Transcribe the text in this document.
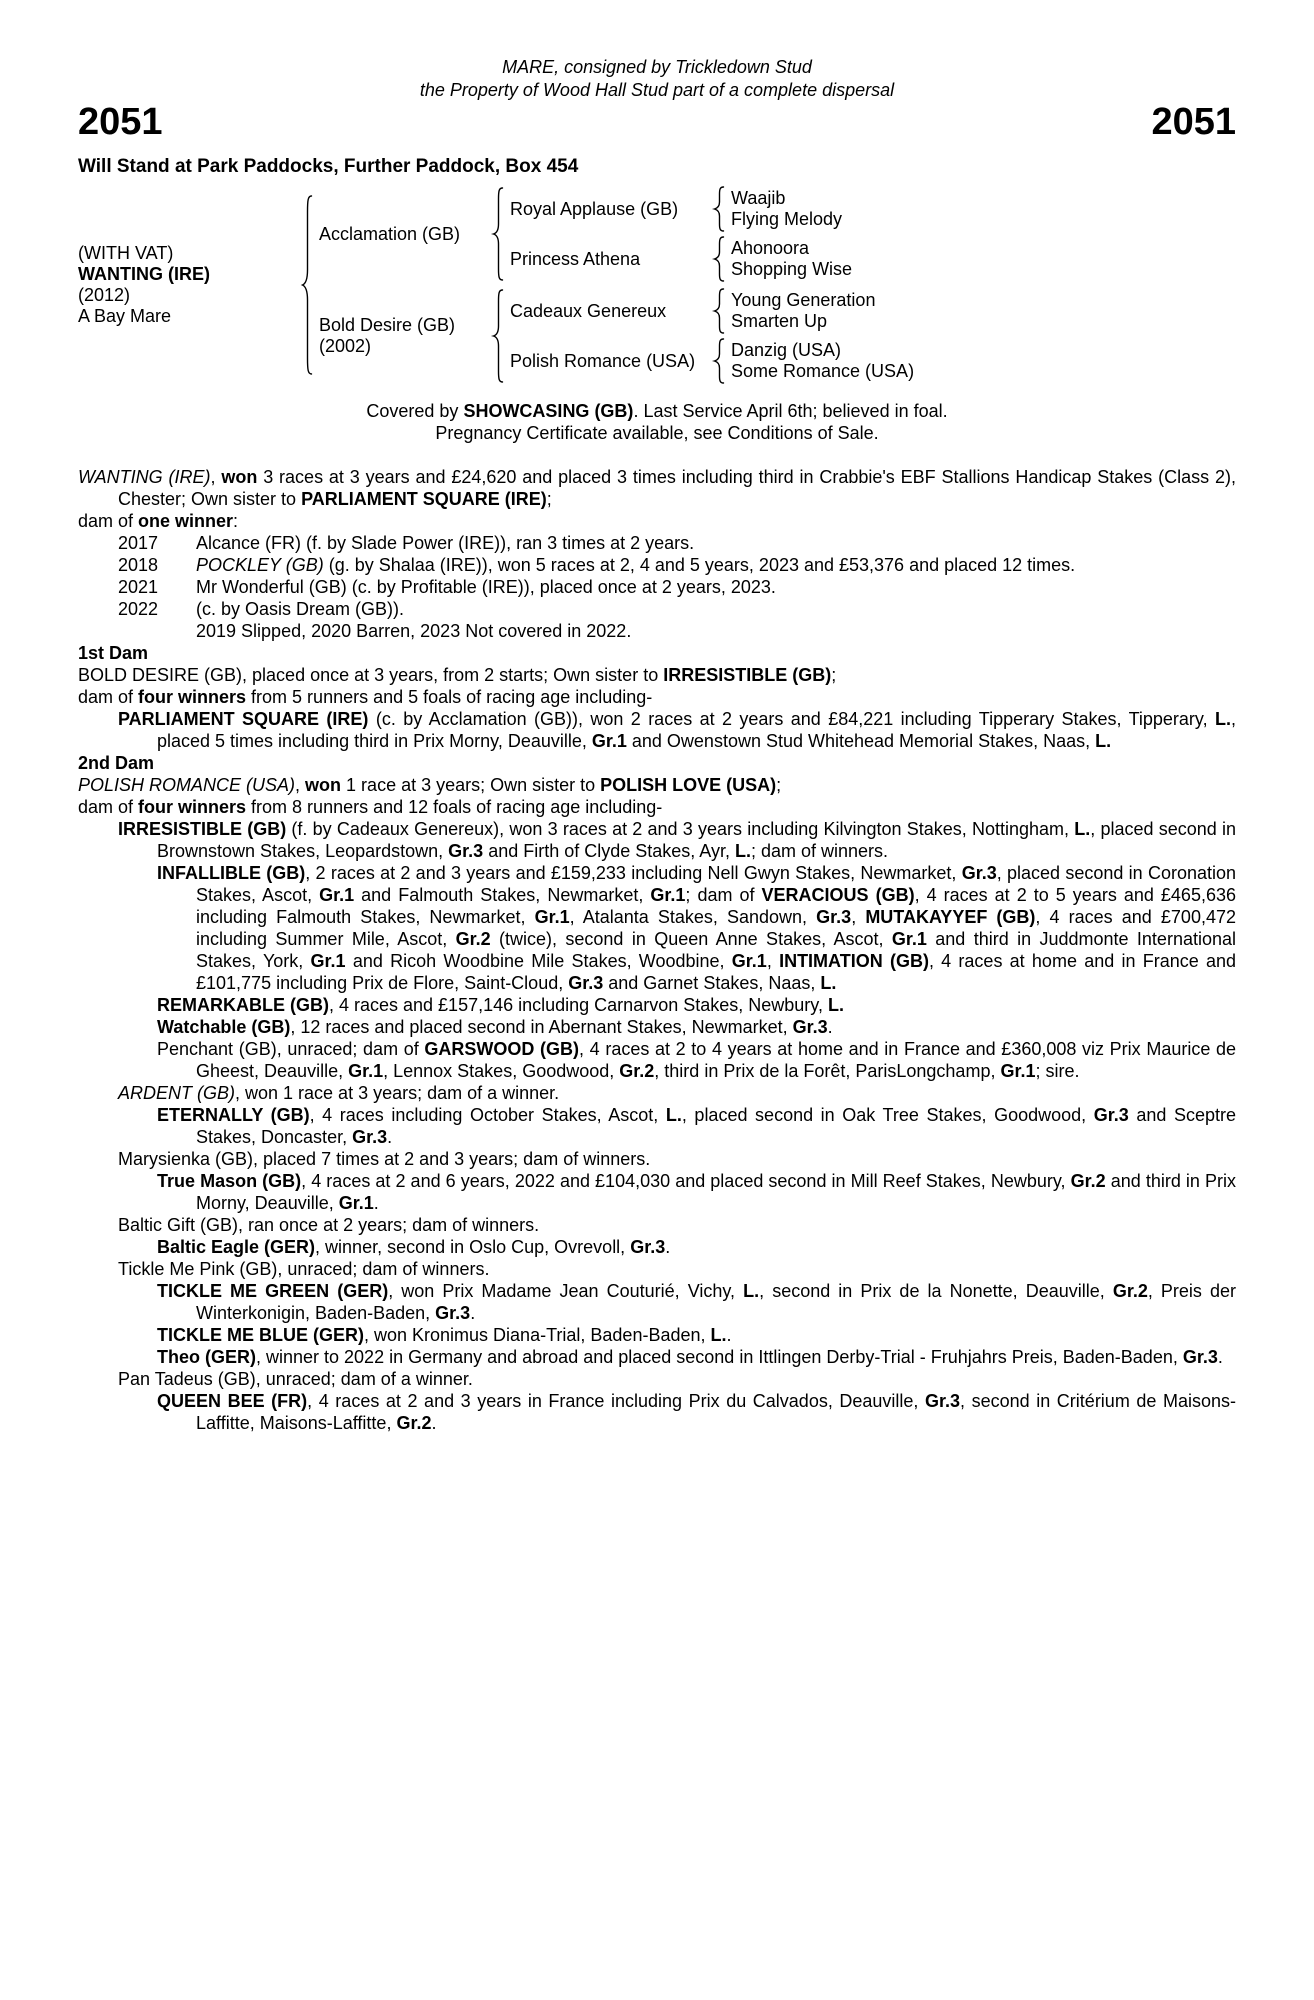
MARE, consigned by Trickledown Stud
the Property of Wood Hall Stud part of a complete dispersal
2051	2051
Will Stand at Park Paddocks, Further Paddock, Box 454
(WITH VAT)
WANTING (IRE)
(2012)
A Bay Mare
Acclamation (GB)
Royal Applause (GB)
Waajib
Flying Melody
Princess Athena
Ahonoora
Shopping Wise
Bold Desire (GB)
(2002)
Cadeaux Genereux
Young Generation
Smarten Up
Polish Romance (USA)
Danzig (USA)
Some Romance (USA)
Covered by SHOWCASING (GB). Last Service April 6th; believed in foal.
Pregnancy Certificate available, see Conditions of Sale.
WANTING (IRE), won 3 races at 3 years and £24,620 and placed 3 times including third in Crabbie's EBF Stallions Handicap Stakes (Class 2), Chester; Own sister to PARLIAMENT SQUARE (IRE);
dam of one winner:
2017	Alcance (FR) (f. by Slade Power (IRE)), ran 3 times at 2 years.
2018	POCKLEY (GB) (g. by Shalaa (IRE)), won 5 races at 2, 4 and 5 years, 2023 and £53,376 and placed 12 times.
2021	Mr Wonderful (GB) (c. by Profitable (IRE)), placed once at 2 years, 2023.
2022	(c. by Oasis Dream (GB)).
2019 Slipped, 2020 Barren, 2023 Not covered in 2022.
1st Dam
BOLD DESIRE (GB), placed once at 3 years, from 2 starts; Own sister to IRRESISTIBLE (GB);
dam of four winners from 5 runners and 5 foals of racing age including-
PARLIAMENT SQUARE (IRE) (c. by Acclamation (GB)), won 2 races at 2 years and £84,221 including Tipperary Stakes, Tipperary, L., placed 5 times including third in Prix Morny, Deauville, Gr.1 and Owenstown Stud Whitehead Memorial Stakes, Naas, L.
2nd Dam
POLISH ROMANCE (USA), won 1 race at 3 years; Own sister to POLISH LOVE (USA);
dam of four winners from 8 runners and 12 foals of racing age including-
IRRESISTIBLE (GB) (f. by Cadeaux Genereux), won 3 races at 2 and 3 years including Kilvington Stakes, Nottingham, L., placed second in Brownstown Stakes, Leopardstown, Gr.3 and Firth of Clyde Stakes, Ayr, L.; dam of winners.
INFALLIBLE (GB), 2 races at 2 and 3 years and £159,233 including Nell Gwyn Stakes, Newmarket, Gr.3, placed second in Coronation Stakes, Ascot, Gr.1 and Falmouth Stakes, Newmarket, Gr.1; dam of VERACIOUS (GB), 4 races at 2 to 5 years and £465,636 including Falmouth Stakes, Newmarket, Gr.1, Atalanta Stakes, Sandown, Gr.3, MUTAKAYYEF (GB), 4 races and £700,472 including Summer Mile, Ascot, Gr.2 (twice), second in Queen Anne Stakes, Ascot, Gr.1 and third in Juddmonte International Stakes, York, Gr.1 and Ricoh Woodbine Mile Stakes, Woodbine, Gr.1, INTIMATION (GB), 4 races at home and in France and £101,775 including Prix de Flore, Saint-Cloud, Gr.3 and Garnet Stakes, Naas, L.
REMARKABLE (GB), 4 races and £157,146 including Carnarvon Stakes, Newbury, L.
Watchable (GB), 12 races and placed second in Abernant Stakes, Newmarket, Gr.3.
Penchant (GB), unraced; dam of GARSWOOD (GB), 4 races at 2 to 4 years at home and in France and £360,008 viz Prix Maurice de Gheest, Deauville, Gr.1, Lennox Stakes, Goodwood, Gr.2, third in Prix de la Forêt, ParisLongchamp, Gr.1; sire.
ARDENT (GB), won 1 race at 3 years; dam of a winner.
ETERNALLY (GB), 4 races including October Stakes, Ascot, L., placed second in Oak Tree Stakes, Goodwood, Gr.3 and Sceptre Stakes, Doncaster, Gr.3.
Marysienka (GB), placed 7 times at 2 and 3 years; dam of winners.
True Mason (GB), 4 races at 2 and 6 years, 2022 and £104,030 and placed second in Mill Reef Stakes, Newbury, Gr.2 and third in Prix Morny, Deauville, Gr.1.
Baltic Gift (GB), ran once at 2 years; dam of winners.
Baltic Eagle (GER), winner, second in Oslo Cup, Ovrevoll, Gr.3.
Tickle Me Pink (GB), unraced; dam of winners.
TICKLE ME GREEN (GER), won Prix Madame Jean Couturié, Vichy, L., second in Prix de la Nonette, Deauville, Gr.2, Preis der Winterkonigin, Baden-Baden, Gr.3.
TICKLE ME BLUE (GER), won Kronimus Diana-Trial, Baden-Baden, L..
Theo (GER), winner to 2022 in Germany and abroad and placed second in Ittlingen Derby-Trial - Fruhjahrs Preis, Baden-Baden, Gr.3.
Pan Tadeus (GB), unraced; dam of a winner.
QUEEN BEE (FR), 4 races at 2 and 3 years in France including Prix du Calvados, Deauville, Gr.3, second in Critérium de Maisons-Laffitte, Maisons-Laffitte, Gr.2.
